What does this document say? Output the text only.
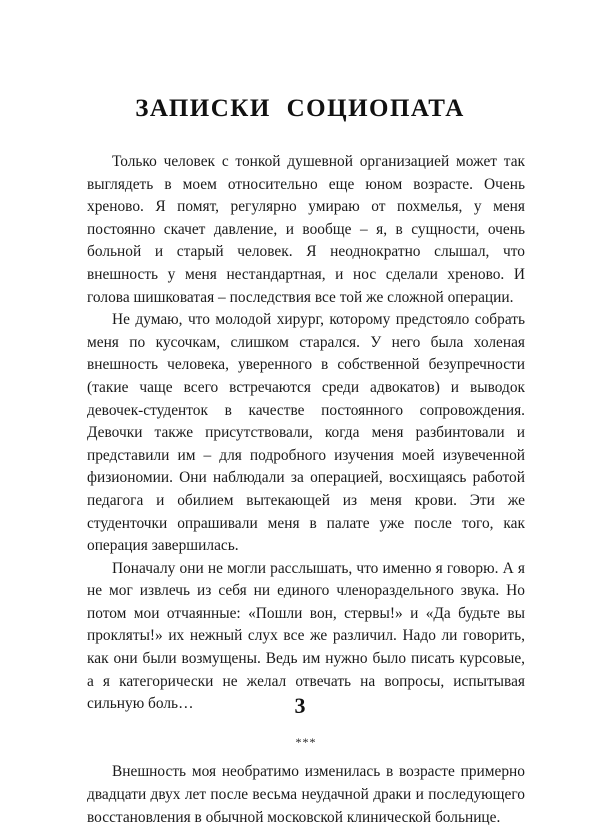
ЗАПИСКИ СОЦИОПАТА

Только человек с тонкой душевной организацией может так выглядеть в моем относительно еще юном возрасте. Очень хреново. Я помят, регулярно умираю от похмелья, у меня постоянно скачет давление, и вообще – я, в сущности, очень больной и старый человек. Я неоднократно слышал, что внешность у меня нестандартная, и нос сделали хреново. И голова шишковатая – последствия все той же сложной операции.

Не думаю, что молодой хирург, которому предстояло собрать меня по кусочкам, слишком старался. У него была холеная внешность человека, уверенного в собственной безупречности (такие чаще всего встречаются среди адвокатов) и выводок девочек-студенток в качестве постоянного сопровождения. Девочки также присутствовали, когда меня разбинтовали и представили им – для подробного изучения моей изувеченной физиономии. Они наблюдали за операцией, восхищаясь работой педагога и обилием вытекающей из меня крови. Эти же студенточки опрашивали меня в палате уже после того, как операция завершилась.

Поначалу они не могли расслышать, что именно я говорю. А я не мог извлечь из себя ни единого членораздельного звука. Но потом мои отчаянные: «Пошли вон, стервы!» и «Да будьте вы прокляты!» их нежный слух все же различил. Надо ли говорить, как они были возмущены. Ведь им нужно было писать курсовые, а я категорически не желал отвечать на вопросы, испытывая сильную боль…

***

Внешность моя необратимо изменилась в возрасте примерно двадцати двух лет после весьма неудачной драки и последующего восстановления в обычной московской клинической больнице.

3
